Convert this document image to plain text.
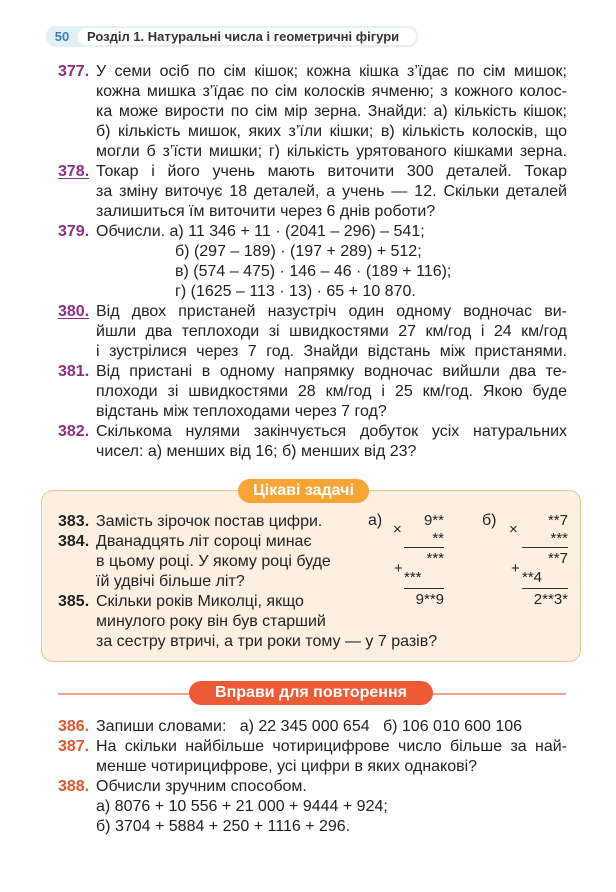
50	Розділ 1. Натуральні числа і геометричні фігури
377. У семи осіб по сім кішок; кожна кішка з’їдає по сім мишок;
кожна мишка з’їдає по сім колосків ячменю; з кожного колос-
ка може вирости по сім мір зерна. Знайди: а) кількість кішок;
б) кількість мишок, яких з’їли кішки; в) кількість колосків, що
могли б з’їсти мишки; г) кількість урятованого кішками зерна.
378. Токар і його учень мають виточити 300 деталей. Токар
за зміну виточує 18 деталей, а учень — 12. Скільки деталей
залишиться їм виточити через 6 днів роботи?
379. Обчисли. а) 11 346 + 11 · (2041 – 296) – 541;
б) (297 – 189) · (197 + 289) + 512;
в) (574 – 475) · 146 – 46 · (189 + 116);
г) (1625 – 113 · 13) · 65 + 10 870.
380. Від двох пристаней назустріч один одному водночас ви-
йшли два теплоходи зі швидкостями 27 км/год і 24 км/год
і зустрілися через 7 год. Знайди відстань між пристанями.
381. Від пристані в одному напрямку водночас вийшли два те-
плоходи зі швидкостями 28 км/год і 25 км/год. Якою буде
відстань між теплоходами через 7 год?
382. Скількома нулями закінчується добуток усіх натуральних
чисел: а) менших від 16; б) менших від 23?
Цікаві задачі
383. Замість зірочок постав цифри.
384. Дванадцять літ сороці минає
в цьому році. У якому році буде
їй удвічі більше літ?
385. Скільки років Миколці, якщо
минулого року він був старший
за сестру втричі, а три роки тому — у 7 разів?
а)
×
9**
**
+
***
***
9**9
б)
×
**7
***
+
**7
**4
2**3*
Вправи для повторення
386. Запиши словами:   а) 22 345 000 654   б) 106 010 600 106
387. На скільки найбільше чотирицифрове число більше за най-
менше чотирицифрове, усі цифри в яких однакові?
388. Обчисли зручним способом.
а) 8076 + 10 556 + 21 000 + 9444 + 924;
б) 3704 + 5884 + 250 + 1116 + 296.
